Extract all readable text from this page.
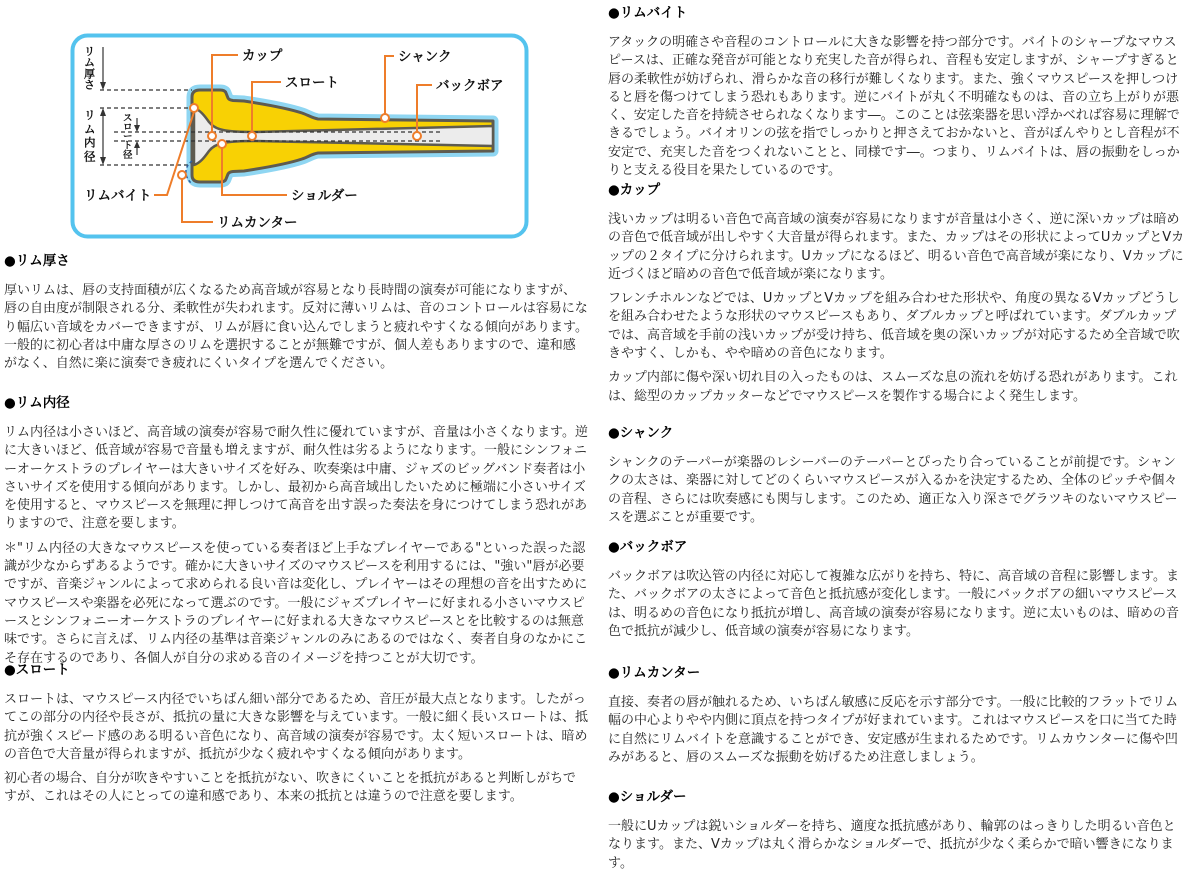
カップ
スロート
シャンク
バックボア
リムバイト
リムカンター
ショルダー
リム厚さ
リム内径
スロート径
●リム厚さ

厚いリムは、唇の支持面積が広くなるため高音域が容易となり長時間の演奏が可能になりますが、唇の自由度が制限される分、柔軟性が失われます。反対に薄いリムは、音のコントロールは容易になり幅広い音域をカバーできますが、リムが唇に食い込んでしまうと疲れやすくなる傾向があります。一般的に初心者は中庸な厚さのリムを選択することが無難ですが、個人差もありますので、違和感がなく、自然に楽に演奏でき疲れにくいタイプを選んでください。

●リム内径

リム内径は小さいほど、高音域の演奏が容易で耐久性に優れていますが、音量は小さくなります。逆に大きいほど、低音域が容易で音量も増えますが、耐久性は劣るようになります。一般にシンフォニーオーケストラのプレイヤーは大きいサイズを好み、吹奏楽は中庸、ジャズのビッグバンド奏者は小さいサイズを使用する傾向があります。しかし、最初から高音域出したいために極端に小さいサイズを使用すると、マウスピースを無理に押しつけて高音を出す誤った奏法を身につけてしまう恐れがありますので、注意を要します。

＊"リム内径の大きなマウスピースを使っている奏者ほど上手なプレイヤーである"といった誤った認識が少なからずあるようです。確かに大きいサイズのマウスピースを利用するには、"強い"唇が必要ですが、音楽ジャンルによって求められる良い音は変化し、プレイヤーはその理想の音を出すためにマウスピースや楽器を必死になって選ぶのです。一般にジャズプレイヤーに好まれる小さいマウスピースとシンフォニーオーケストラのプレイヤーに好まれる大きなマウスピースとを比較するのは無意味です。さらに言えば、リム内径の基準は音楽ジャンルのみにあるのではなく、奏者自身のなかにこそ存在するのであり、各個人が自分の求める音のイメージを持つことが大切です。

●スロート

スロートは、マウスピース内径でいちばん細い部分であるため、音圧が最大点となります。したがってこの部分の内径や長さが、抵抗の量に大きな影響を与えています。一般に細く長いスロートは、抵抗が強くスピード感のある明るい音色になり、高音域の演奏が容易です。太く短いスロートは、暗めの音色で大音量が得られますが、抵抗が少なく疲れやすくなる傾向があります。

初心者の場合、自分が吹きやすいことを抵抗がない、吹きにくいことを抵抗があると判断しがちですが、これはその人にとっての違和感であり、本来の抵抗とは違うので注意を要します。

●リムバイト

アタックの明確さや音程のコントロールに大きな影響を持つ部分です。バイトのシャープなマウスピースは、正確な発音が可能となり充実した音が得られ、音程も安定しますが、シャープすぎると唇の柔軟性が妨げられ、滑らかな音の移行が難しくなります。また、強くマウスピースを押しつけると唇を傷つけてしまう恐れもあります。逆にバイトが丸く不明確なものは、音の立ち上がりが悪く、安定した音を持続させられなくなります―。このことは弦楽器を思い浮かべれば容易に理解できるでしょう。バイオリンの弦を指でしっかりと押さえておかないと、音がぼんやりとし音程が不安定で、充実した音をつくれないことと、同様です―。つまり、リムバイトは、唇の振動をしっかりと支える役目を果たしているのです。

●カップ

浅いカップは明るい音色で高音域の演奏が容易になりますが音量は小さく、逆に深いカップは暗めの音色で低音域が出しやすく大音量が得られます。また、カップはその形状によってUカップとVカップの２タイプに分けられます。Uカップになるほど、明るい音色で高音域が楽になり、Vカップに近づくほど暗めの音色で低音域が楽になります。

フレンチホルンなどでは、UカップとVカップを組み合わせた形状や、角度の異なるVカップどうしを組み合わせたような形状のマウスピースもあり、ダブルカップと呼ばれています。ダブルカップでは、高音域を手前の浅いカップが受け持ち、低音域を奥の深いカップが対応するため全音域で吹きやすく、しかも、やや暗めの音色になります。

カップ内部に傷や深い切れ目の入ったものは、スムーズな息の流れを妨げる恐れがあります。これは、総型のカップカッターなどでマウスピースを製作する場合によく発生します。

●シャンク

シャンクのテーパーが楽器のレシーバーのテーパーとぴったり合っていることが前提です。シャンクの太さは、楽器に対してどのくらいマウスピースが入るかを決定するため、全体のピッチや個々の音程、さらには吹奏感にも関与します。このため、適正な入り深さでグラツキのないマウスピースを選ぶことが重要です。

●バックボア

バックボアは吹込管の内径に対応して複雑な広がりを持ち、特に、高音域の音程に影響します。また、バックボアの太さによって音色と抵抗感が変化します。一般にバックボアの細いマウスピースは、明るめの音色になり抵抗が増し、高音域の演奏が容易になります。逆に太いものは、暗めの音色で抵抗が減少し、低音域の演奏が容易になります。

●リムカンター

直接、奏者の唇が触れるため、いちばん敏感に反応を示す部分です。一般に比較的フラットでリム幅の中心よりやや内側に頂点を持つタイプが好まれています。これはマウスピースを口に当てた時に自然にリムバイトを意識することができ、安定感が生まれるためです。リムカウンターに傷や凹みがあると、唇のスムーズな振動を妨げるため注意しましょう。

●ショルダー

一般にUカップは鋭いショルダーを持ち、適度な抵抗感があり、輪郭のはっきりした明るい音色となります。また、Vカップは丸く滑らかなショルダーで、抵抗が少なく柔らかで暗い響きになります。
